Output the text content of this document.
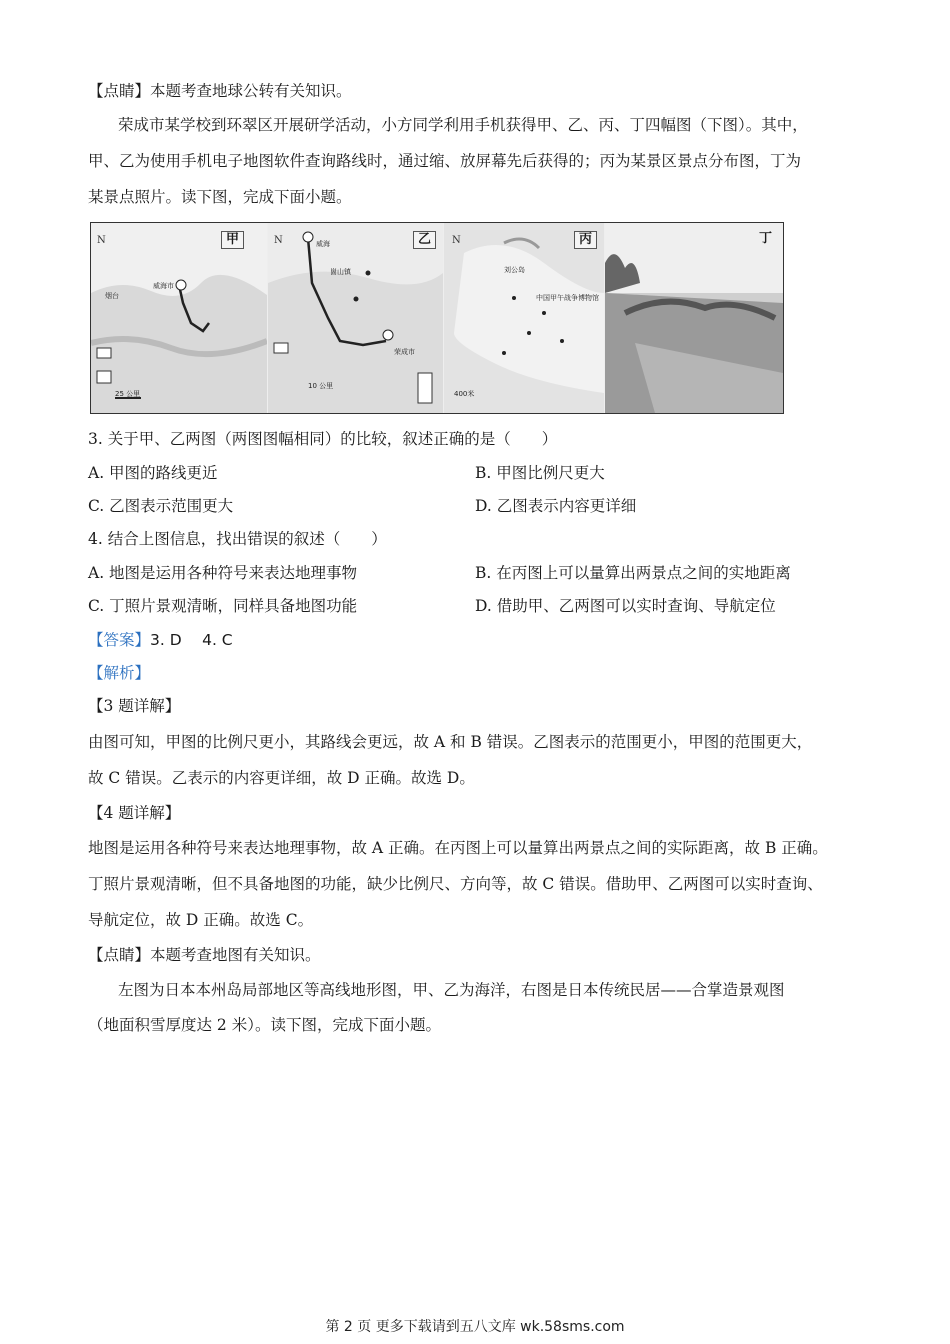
【点睛】本题考查地球公转有关知识。
荣成市某学校到环翠区开展研学活动，小方同学利用手机获得甲、乙、丙、丁四幅图（下图）。其中，
甲、乙为使用手机电子地图软件查询路线时，通过缩、放屏幕先后获得的；丙为某景区景点分布图，丁为
某景点照片。读下图，完成下面小题。
N	甲
烟台
威海市
25 公里
N	乙
威海
崮山镇
荣成市
10 公里
N	丙
中国甲午战争博物馆
刘公岛
400米
丁
3. 关于甲、乙两图（两图图幅相同）的比较，叙述正确的是（　　）
A. 甲图的路线更近	B. 甲图比例尺更大
C. 乙图表示范围更大	D. 乙图表示内容更详细
4. 结合上图信息，找出错误的叙述（　　）
A. 地图是运用各种符号来表达地理事物	B. 在丙图上可以量算出两景点之间的实地距离
C. 丁照片景观清晰，同样具备地图功能	D. 借助甲、乙两图可以实时查询、导航定位
【答案】3. D　 4. C
【解析】
【3 题详解】
由图可知，甲图的比例尺更小，其路线会更远，故 A 和 B 错误。乙图表示的范围更小，甲图的范围更大，
故 C 错误。乙表示的内容更详细，故 D 正确。故选 D。
【4 题详解】
地图是运用各种符号来表达地理事物，故 A 正确。在丙图上可以量算出两景点之间的实际距离，故 B 正确。
丁照片景观清晰，但不具备地图的功能，缺少比例尺、方向等，故 C 错误。借助甲、乙两图可以实时查询、
导航定位，故 D 正确。故选 C。
【点睛】本题考查地图有关知识。
左图为日本本州岛局部地区等高线地形图，甲、乙为海洋，右图是日本传统民居——合掌造景观图
（地面积雪厚度达 2 米）。读下图，完成下面小题。
第 2 页 更多下载请到五八文库 wk.58sms.com
